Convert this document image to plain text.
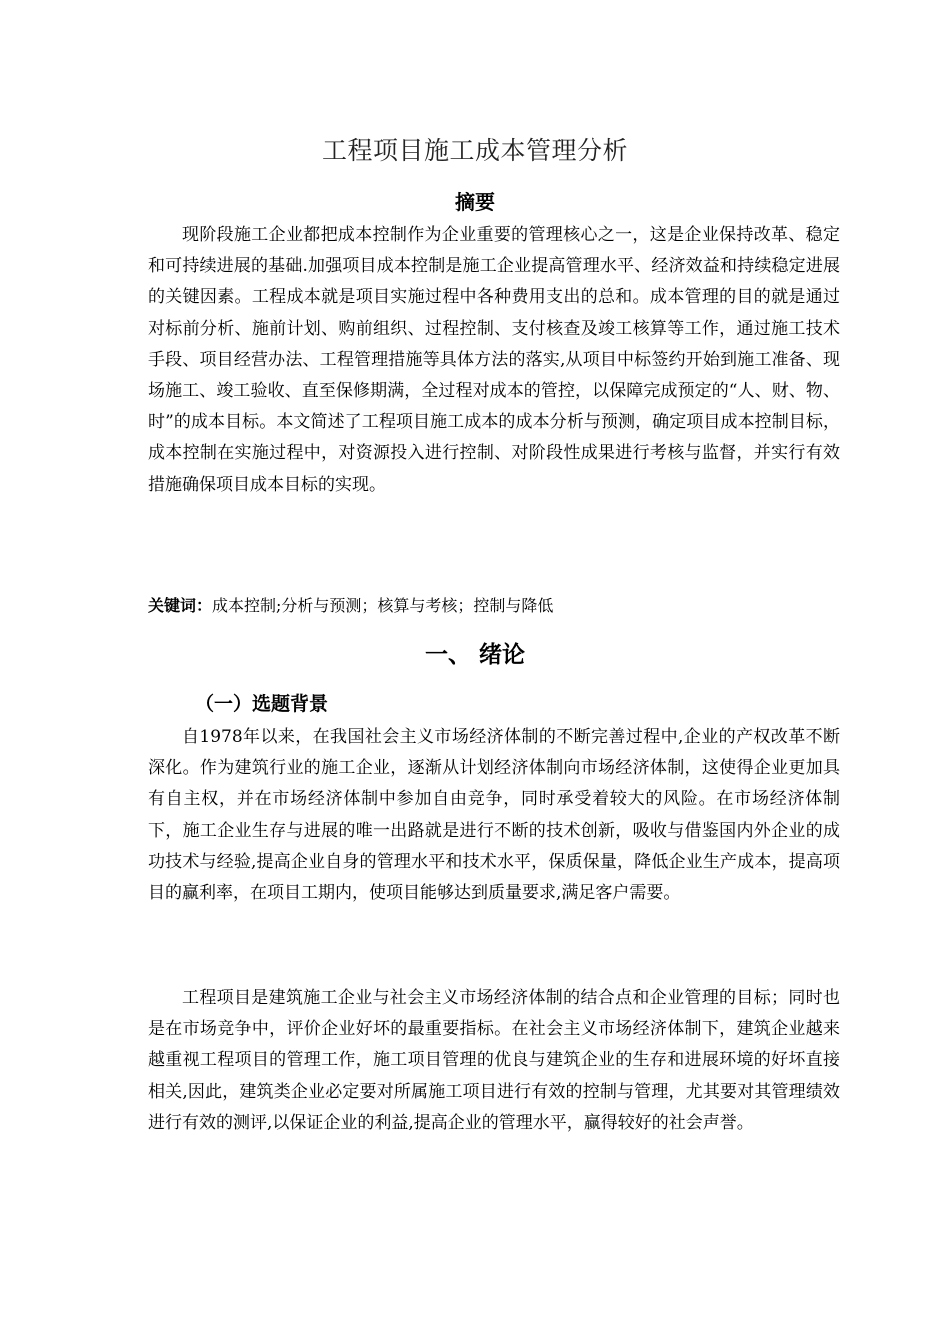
工程项目施工成本管理分析
摘要

现阶段施工企业都把成本控制作为企业重要的管理核心之一，这是企业保持改革、稳定和可持续进展的基础.加强项目成本控制是施工企业提高管理水平、经济效益和持续稳定进展的关键因素。工程成本就是项目实施过程中各种费用支出的总和。成本管理的目的就是通过对标前分析、施前计划、购前组织、过程控制、支付核查及竣工核算等工作，通过施工技术手段、项目经营办法、工程管理措施等具体方法的落实,从项目中标签约开始到施工准备、现场施工、竣工验收、直至保修期满，全过程对成本的管控，以保障完成预定的“人、财、物、时”的成本目标。本文简述了工程项目施工成本的成本分析与预测，确定项目成本控制目标，成本控制在实施过程中，对资源投入进行控制、对阶段性成果进行考核与监督，并实行有效措施确保项目成本目标的实现。

关键词：成本控制;分析与预测；核算与考核；控制与降低
一、 绪论
（一）选题背景

自1978年以来，在我国社会主义市场经济体制的不断完善过程中,企业的产权改革不断深化。作为建筑行业的施工企业，逐渐从计划经济体制向市场经济体制，这使得企业更加具有自主权，并在市场经济体制中参加自由竞争，同时承受着较大的风险。在市场经济体制下，施工企业生存与进展的唯一出路就是进行不断的技术创新，吸收与借鉴国内外企业的成功技术与经验,提高企业自身的管理水平和技术水平，保质保量，降低企业生产成本，提高项目的赢利率，在项目工期内，使项目能够达到质量要求,满足客户需要。

工程项目是建筑施工企业与社会主义市场经济体制的结合点和企业管理的目标；同时也是在市场竞争中，评价企业好坏的最重要指标。在社会主义市场经济体制下，建筑企业越来越重视工程项目的管理工作，施工项目管理的优良与建筑企业的生存和进展环境的好坏直接相关,因此，建筑类企业必定要对所属施工项目进行有效的控制与管理，尤其要对其管理绩效进行有效的测评,以保证企业的利益,提高企业的管理水平，赢得较好的社会声誉。
